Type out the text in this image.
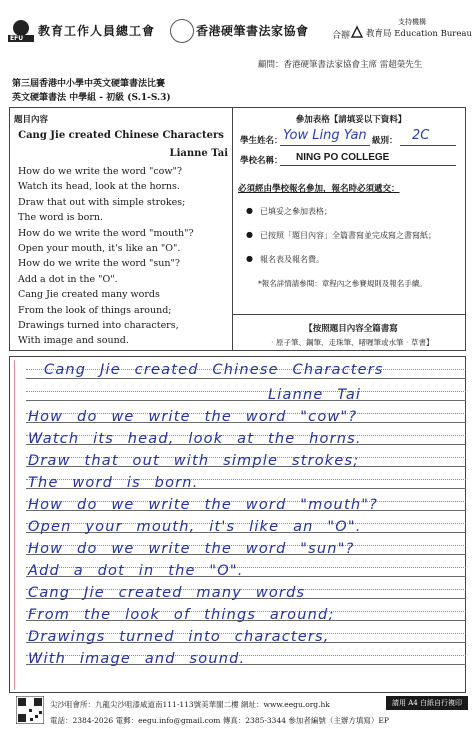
EFU
教育工作人員總工會	香港硬筆書法家協會
支持機構
合辦 教育局 Education Bureau
顧問：香港硬筆書法家協會主席 雷超榮先生
第三屆香港中小學中英文硬筆書法比賽
英文硬筆書法 中學組 - 初級 (S.1-S.3)
題目內容
Cang Jie created Chinese Characters
Lianne Tai
How do we write the word "cow"?
Watch its head, look at the horns.
Draw that out with simple strokes;
The word is born.
How do we write the word "mouth"?
Open your mouth, it's like an "O".
How do we write the word "sun"?
Add a dot in the "O".
Cang Jie created many words
From the look of things around;
Drawings turned into characters,
With image and sound.
參加表格【請填妥以下資料】
學生姓名： Yow Ling Yan 級別： 2C
學校名稱： NING PO COLLEGE
必須經由學校報名參加，報名時必須遞交：
● 已填妥之參加表格；
● 已按照「題目內容」全篇書寫並完成寫之書寫紙；
● 報名表及報名費。
*報名詳情請參閱：章程內之參賽規則及報名手續。
【按照題目內容全篇書寫
‧原子筆、鋼筆、走珠筆、啫喱筆或水筆‧草書】
Cang Jie created Chinese Characters
Lianne Tai
How do we write the word "cow"?
Watch its head, look at the horns.
Draw that out with simple strokes;
The word is born.
How do we write the word "mouth"?
Open your mouth, it's like an "O".
How do we write the word "sun"?
Add a dot in the "O".
Cang Jie created many words
From the look of things around;
Drawings turned into characters,
With image and sound.
尖沙咀會所：九龍尖沙咀漆咸道南111-113號美華閣二樓 網址：www.eegu.org.hk
電話：2384-2026 電郵：eegu.info@gmail.com 傳真：2385-3344 參加者編號（主辦方填寫）EP
請用 A4 白紙自行複印
